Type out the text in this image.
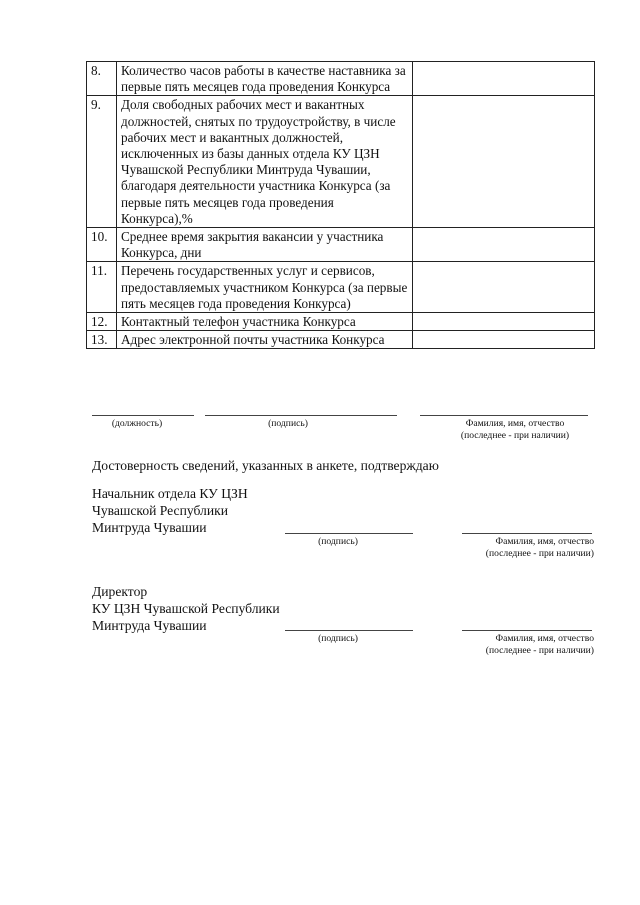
8.	Количество часов работы в качестве наставника за первые пять месяцев года проведения Конкурса	
9.	Доля свободных рабочих мест и вакантных должностей, снятых по трудоустройству, в числе рабочих мест и вакантных должностей, исключенных из базы данных отдела КУ ЦЗН Чувашской Республики Минтруда Чувашии, благодаря деятельности участника Конкурса (за первые пять месяцев года проведения Конкурса),%	
10.	Среднее время закрытия вакансии у участника Конкурса, дни	
11.	Перечень государственных услуг и сервисов, предоставляемых участником Конкурса (за первые пять месяцев года проведения Конкурса)	
12.	Контактный телефон участника Конкурса	
13.	Адрес электронной почты участника Конкурса	
(должность)	(подпись)	Фамилия, имя, отчество
(последнее - при наличии)
Достоверность сведений, указанных в анкете, подтверждаю
Начальник отдела КУ ЦЗН
Чувашской Республики
Минтруда Чувашии
(подпись)	Фамилия, имя, отчество
(последнее - при наличии)
Директор
КУ ЦЗН Чувашской Республики
Минтруда Чувашии
(подпись)	Фамилия, имя, отчество
(последнее - при наличии)
